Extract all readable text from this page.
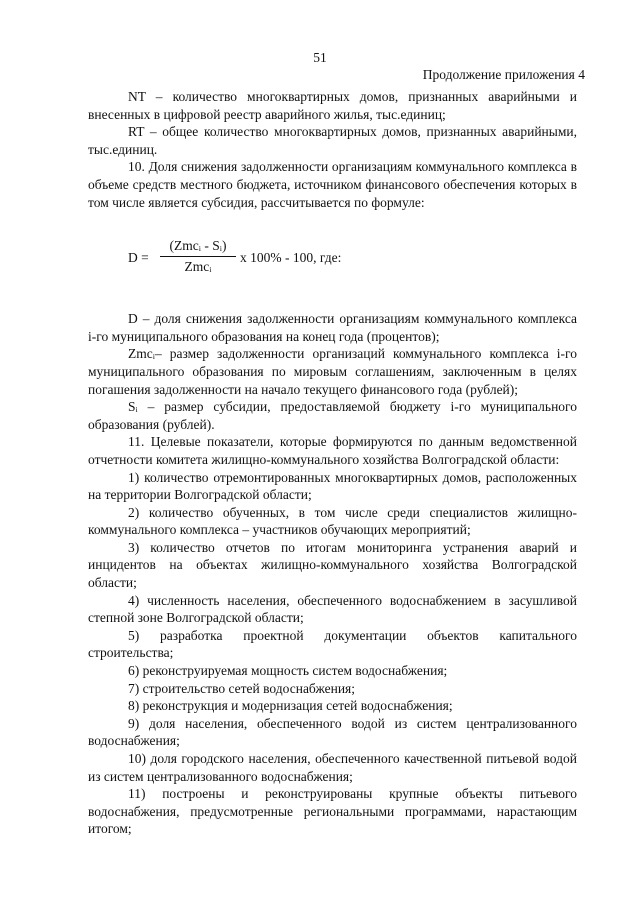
51
Продолжение приложения 4

NT – количество многоквартирных домов, признанных аварийными и внесенных в цифровой реестр аварийного жилья, тыс.единиц;

RT – общее количество многоквартирных домов, признанных аварийными, тыс.единиц.

10. Доля снижения задолженности организациям коммунального комплекса в объеме средств местного бюджета, источником финансового обеспечения которых в том числе является субсидия, рассчитывается по формуле:

D =
(Zmcᵢ - Sᵢ)
Zmcᵢ
x 100% - 100, где:

D – доля снижения задолженности организациям коммунального комплекса i-го муниципального образования на конец года (процентов);

Zmcᵢ– размер задолженности организаций коммунального комплекса i-го муниципального образования по мировым соглашениям, заключенным в целях погашения задолженности на начало текущего финансового года (рублей);

Sᵢ – размер субсидии, предоставляемой бюджету i-го муниципального образования (рублей).

11. Целевые показатели, которые формируются по данным ведомственной отчетности комитета жилищно-коммунального хозяйства Волгоградской области:

1) количество отремонтированных многоквартирных домов, расположенных на территории Волгоградской области;

2) количество обученных, в том числе среди специалистов жилищно-коммунального комплекса – участников обучающих мероприятий;

3) количество отчетов по итогам мониторинга устранения аварий и инцидентов на объектах жилищно-коммунального хозяйства Волгоградской области;

4) численность населения, обеспеченного водоснабжением в засушливой степной зоне Волгоградской области;

5) разработка проектной документации объектов капитального строительства;

6) реконструируемая мощность систем водоснабжения;

7) строительство сетей водоснабжения;

8) реконструкция и модернизация сетей водоснабжения;

9) доля населения, обеспеченного водой из систем централизованного водоснабжения;

10) доля городского населения, обеспеченного качественной питьевой водой из систем централизованного водоснабжения;

11) построены и реконструированы крупные объекты питьевого водоснабжения, предусмотренные региональными программами, нарастающим итогом;
